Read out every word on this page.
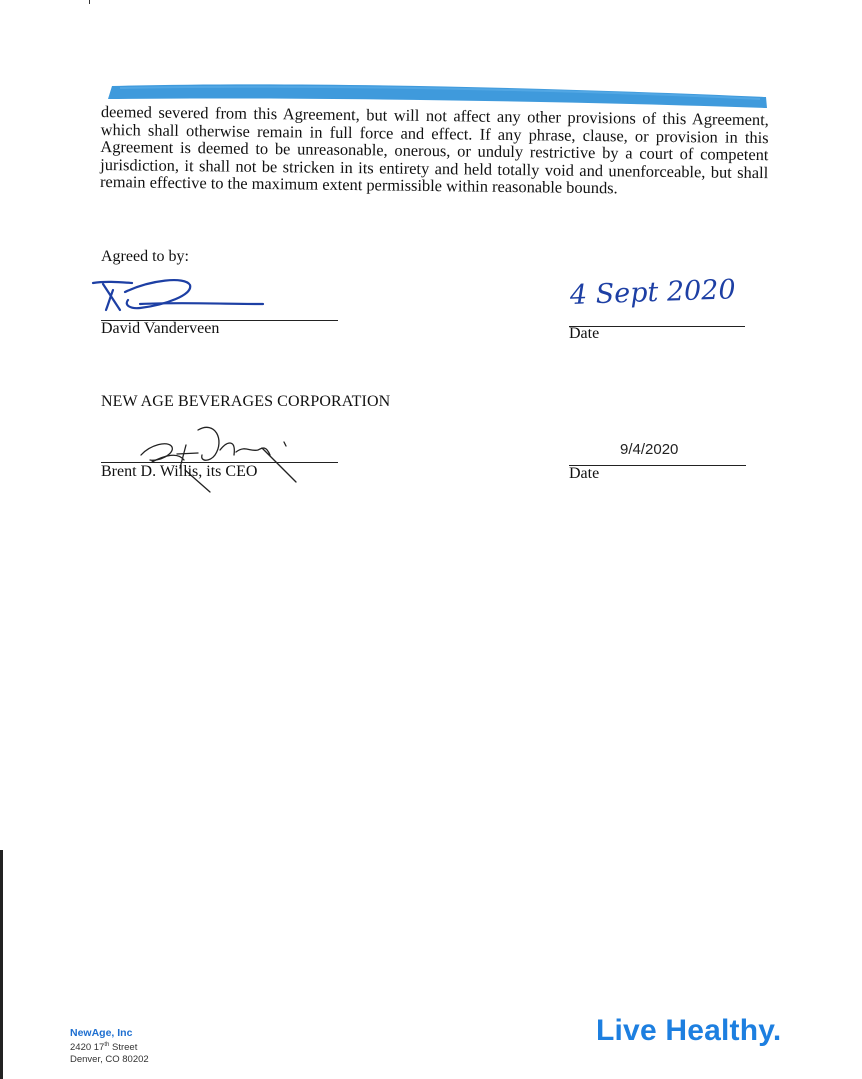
deemed severed from this Agreement, but will not affect any other provisions of this Agreement, which shall otherwise remain in full force and effect. If any phrase, clause, or provision in this Agreement is deemed to be unreasonable, onerous, or unduly restrictive by a court of competent jurisdiction, it shall not be stricken in its entirety and held totally void and unenforceable, but shall remain effective to the maximum extent permissible within reasonable bounds.

Agreed to by:

David Vanderveen

4 Sept 2020

Date

NEW AGE BEVERAGES CORPORATION

Brent D. Willis, its CEO

9/4/2020

Date

NewAge, Inc
2420 17th Street
Denver, CO 80202

Live Healthy.
